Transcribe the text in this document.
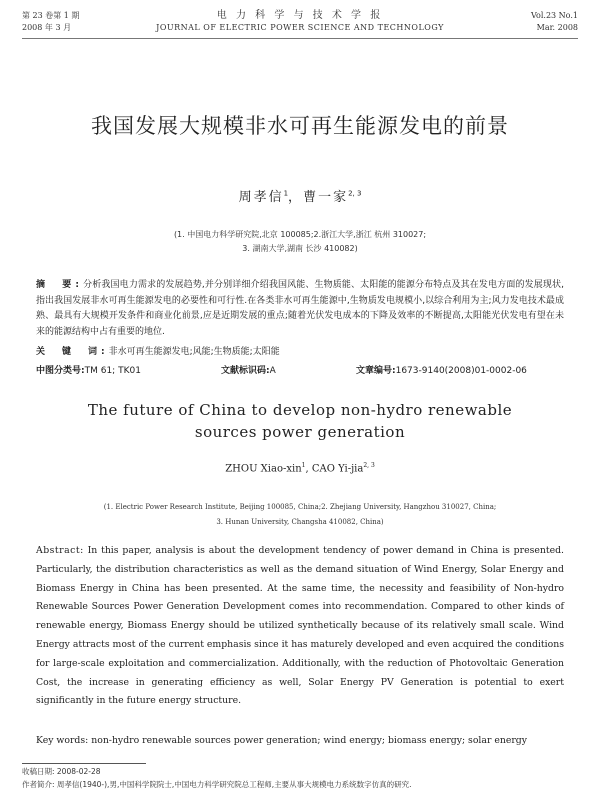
第 23 卷第 1 期
2008 年 3 月
电 力 科 学 与 技 术 学 报
JOURNAL OF ELECTRIC POWER SCIENCE AND TECHNOLOGY
Vol.23 No.1
Mar. 2008
我国发展大规模非水可再生能源发电的前景
周孝信$^1$，曹一家$^{2, 3}$
(1. 中国电力科学研究院,北京 100085;2.浙江大学,浙江 杭州 310027;
3. 湖南大学,湖南 长沙 410082)
摘　要:分析我国电力需求的发展趋势,并分别详细介绍我国风能、生物质能、太阳能的能源分布特点及其在发电方面的发展现状,指出我国发展非水可再生能源发电的必要性和可行性.在各类非水可再生能源中,生物质发电规模小,以综合利用为主;风力发电技术最成熟、最具有大规模开发条件和商业化前景,应是近期发展的重点;随着光伏发电成本的下降及效率的不断提高,太阳能光伏发电有望在未来的能源结构中占有重要的地位.
关　键　词:非水可再生能源发电;风能;生物质能;太阳能
中图分类号:TM 61; TK01	文献标识码:A	文章编号:1673-9140(2008)01-0002-06
The future of China to develop non-hydro renewable
sources power generation
ZHOU Xiao-xin$^1$, CAO Yi-jia$^{2, 3}$
(1. Electric Power Research Institute, Beijing 100085, China;2. Zhejiang University, Hangzhou 310027, China;
3. Hunan University, Changsha 410082, China)
Abstract: In this paper, analysis is about the development tendency of power demand in China is presented. Particularly, the distribution characteristics as well as the demand situation of Wind Energy, Solar Energy and Biomass Energy in China has been presented. At the same time, the necessity and feasibility of Non-hydro Renewable Sources Power Generation Development comes into recommendation. Compared to other kinds of renewable energy, Biomass Energy should be utilized synthetically because of its relatively small scale. Wind Energy attracts most of the current emphasis since it has maturely developed and even acquired the conditions for large-scale exploitation and commercialization. Additionally, with the reduction of Photovoltaic Generation Cost, the increase in generating efficiency as well, Solar Energy PV Generation is potential to exert significantly in the future energy structure.
Key words: non-hydro renewable sources power generation; wind energy; biomass energy; solar energy
收稿日期: 2008-02-28
作者简介: 周孝信(1940-),男,中国科学院院士,中国电力科学研究院总工程师,主要从事大规模电力系统数字仿真的研究.
